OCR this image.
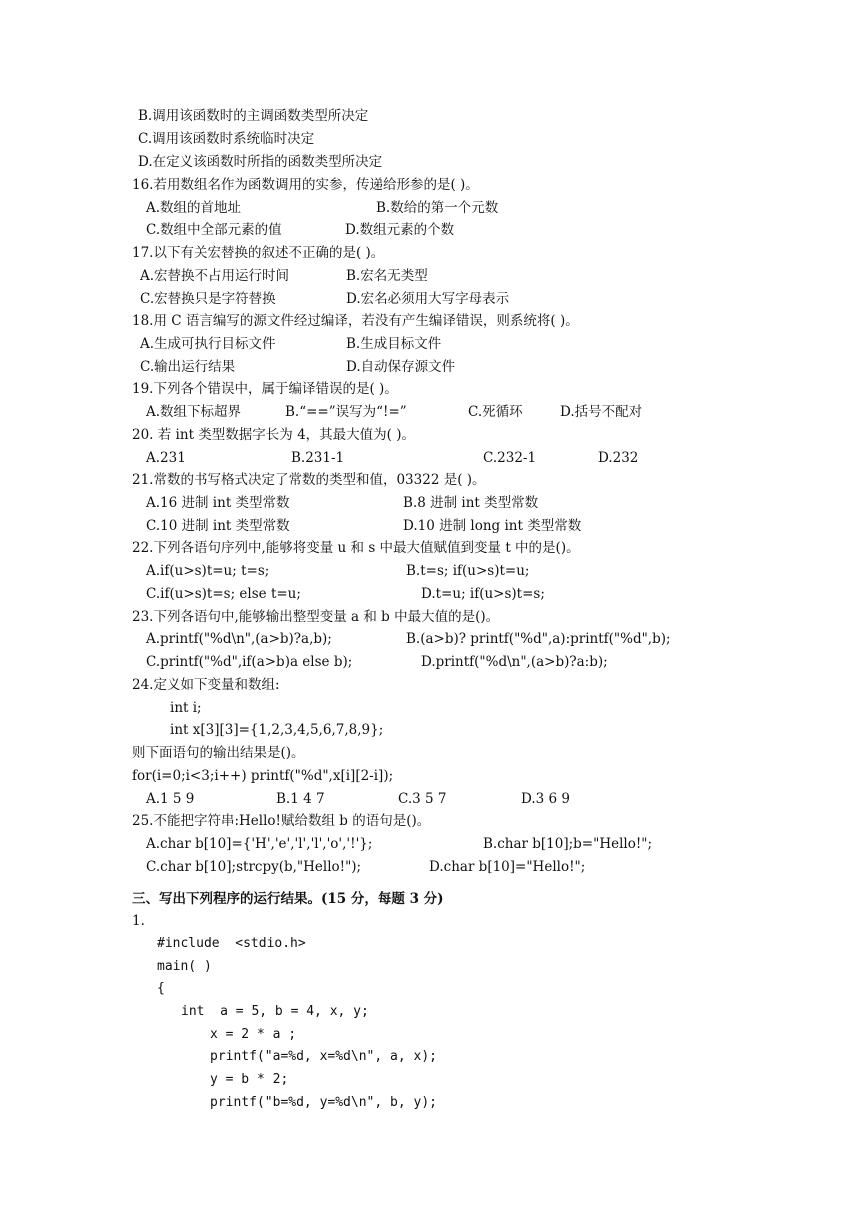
B.调用该函数时的主调函数类型所决定
C.调用该函数时系统临时决定
D.在定义该函数时所指的函数类型所决定
16.若用数组名作为函数调用的实参，传递给形参的是( )。
A.数组的首地址	B.数给的第一个元数
C.数组中全部元素的值	D.数组元素的个数
17.以下有关宏替换的叙述不正确的是( )。
A.宏替换不占用运行时间	B.宏名无类型
C.宏替换只是字符替换	D.宏名必须用大写字母表示
18.用 C 语言编写的源文件经过编译，若没有产生编译错误，则系统将( )。
A.生成可执行目标文件	B.生成目标文件
C.输出运行结果	D.自动保存源文件
19.下列各个错误中，属于编译错误的是( )。
A.数组下标超界	B.“==”误写为“!=”	C.死循环	D.括号不配对
20. 若 int 类型数据字长为 4，其最大值为( )。
A.231	B.231-1	C.232-1	D.232
21.常数的书写格式决定了常数的类型和值，03322 是( )。
A.16 进制 int 类型常数	B.8 进制 int 类型常数
C.10 进制 int 类型常数	D.10 进制 long int 类型常数
22.下列各语句序列中,能够将变量 u 和 s 中最大值赋值到变量 t 中的是()。
A.if(u>s)t=u; t=s;	B.t=s; if(u>s)t=u;
C.if(u>s)t=s; else t=u;	D.t=u; if(u>s)t=s;
23.下列各语句中,能够输出整型变量 a 和 b 中最大值的是()。
A.printf("%d\n",(a>b)?a,b);	B.(a>b)? printf("%d",a):printf("%d",b);
C.printf("%d",if(a>b)a else b);	D.printf("%d\n",(a>b)?a:b);
24.定义如下变量和数组:
int i;
int x[3][3]={1,2,3,4,5,6,7,8,9};
则下面语句的输出结果是()。
for(i=0;i<3;i++) printf("%d",x[i][2-i]);
A.1 5 9	B.1 4 7	C.3 5 7	D.3 6 9
25.不能把字符串:Hello!赋给数组 b 的语句是()。
A.char b[10]={'H','e','l','l','o','!'};	B.char b[10];b="Hello!";
C.char b[10];strcpy(b,"Hello!");	D.char b[10]="Hello!";
三、写出下列程序的运行结果。(15 分，每题 3 分)
1.
#include  <stdio.h>
main( )
{
int  a = 5, b = 4, x, y;
x = 2 * a ;
printf("a=%d, x=%d\n", a, x);
y = b * 2;
printf("b=%d, y=%d\n", b, y);
